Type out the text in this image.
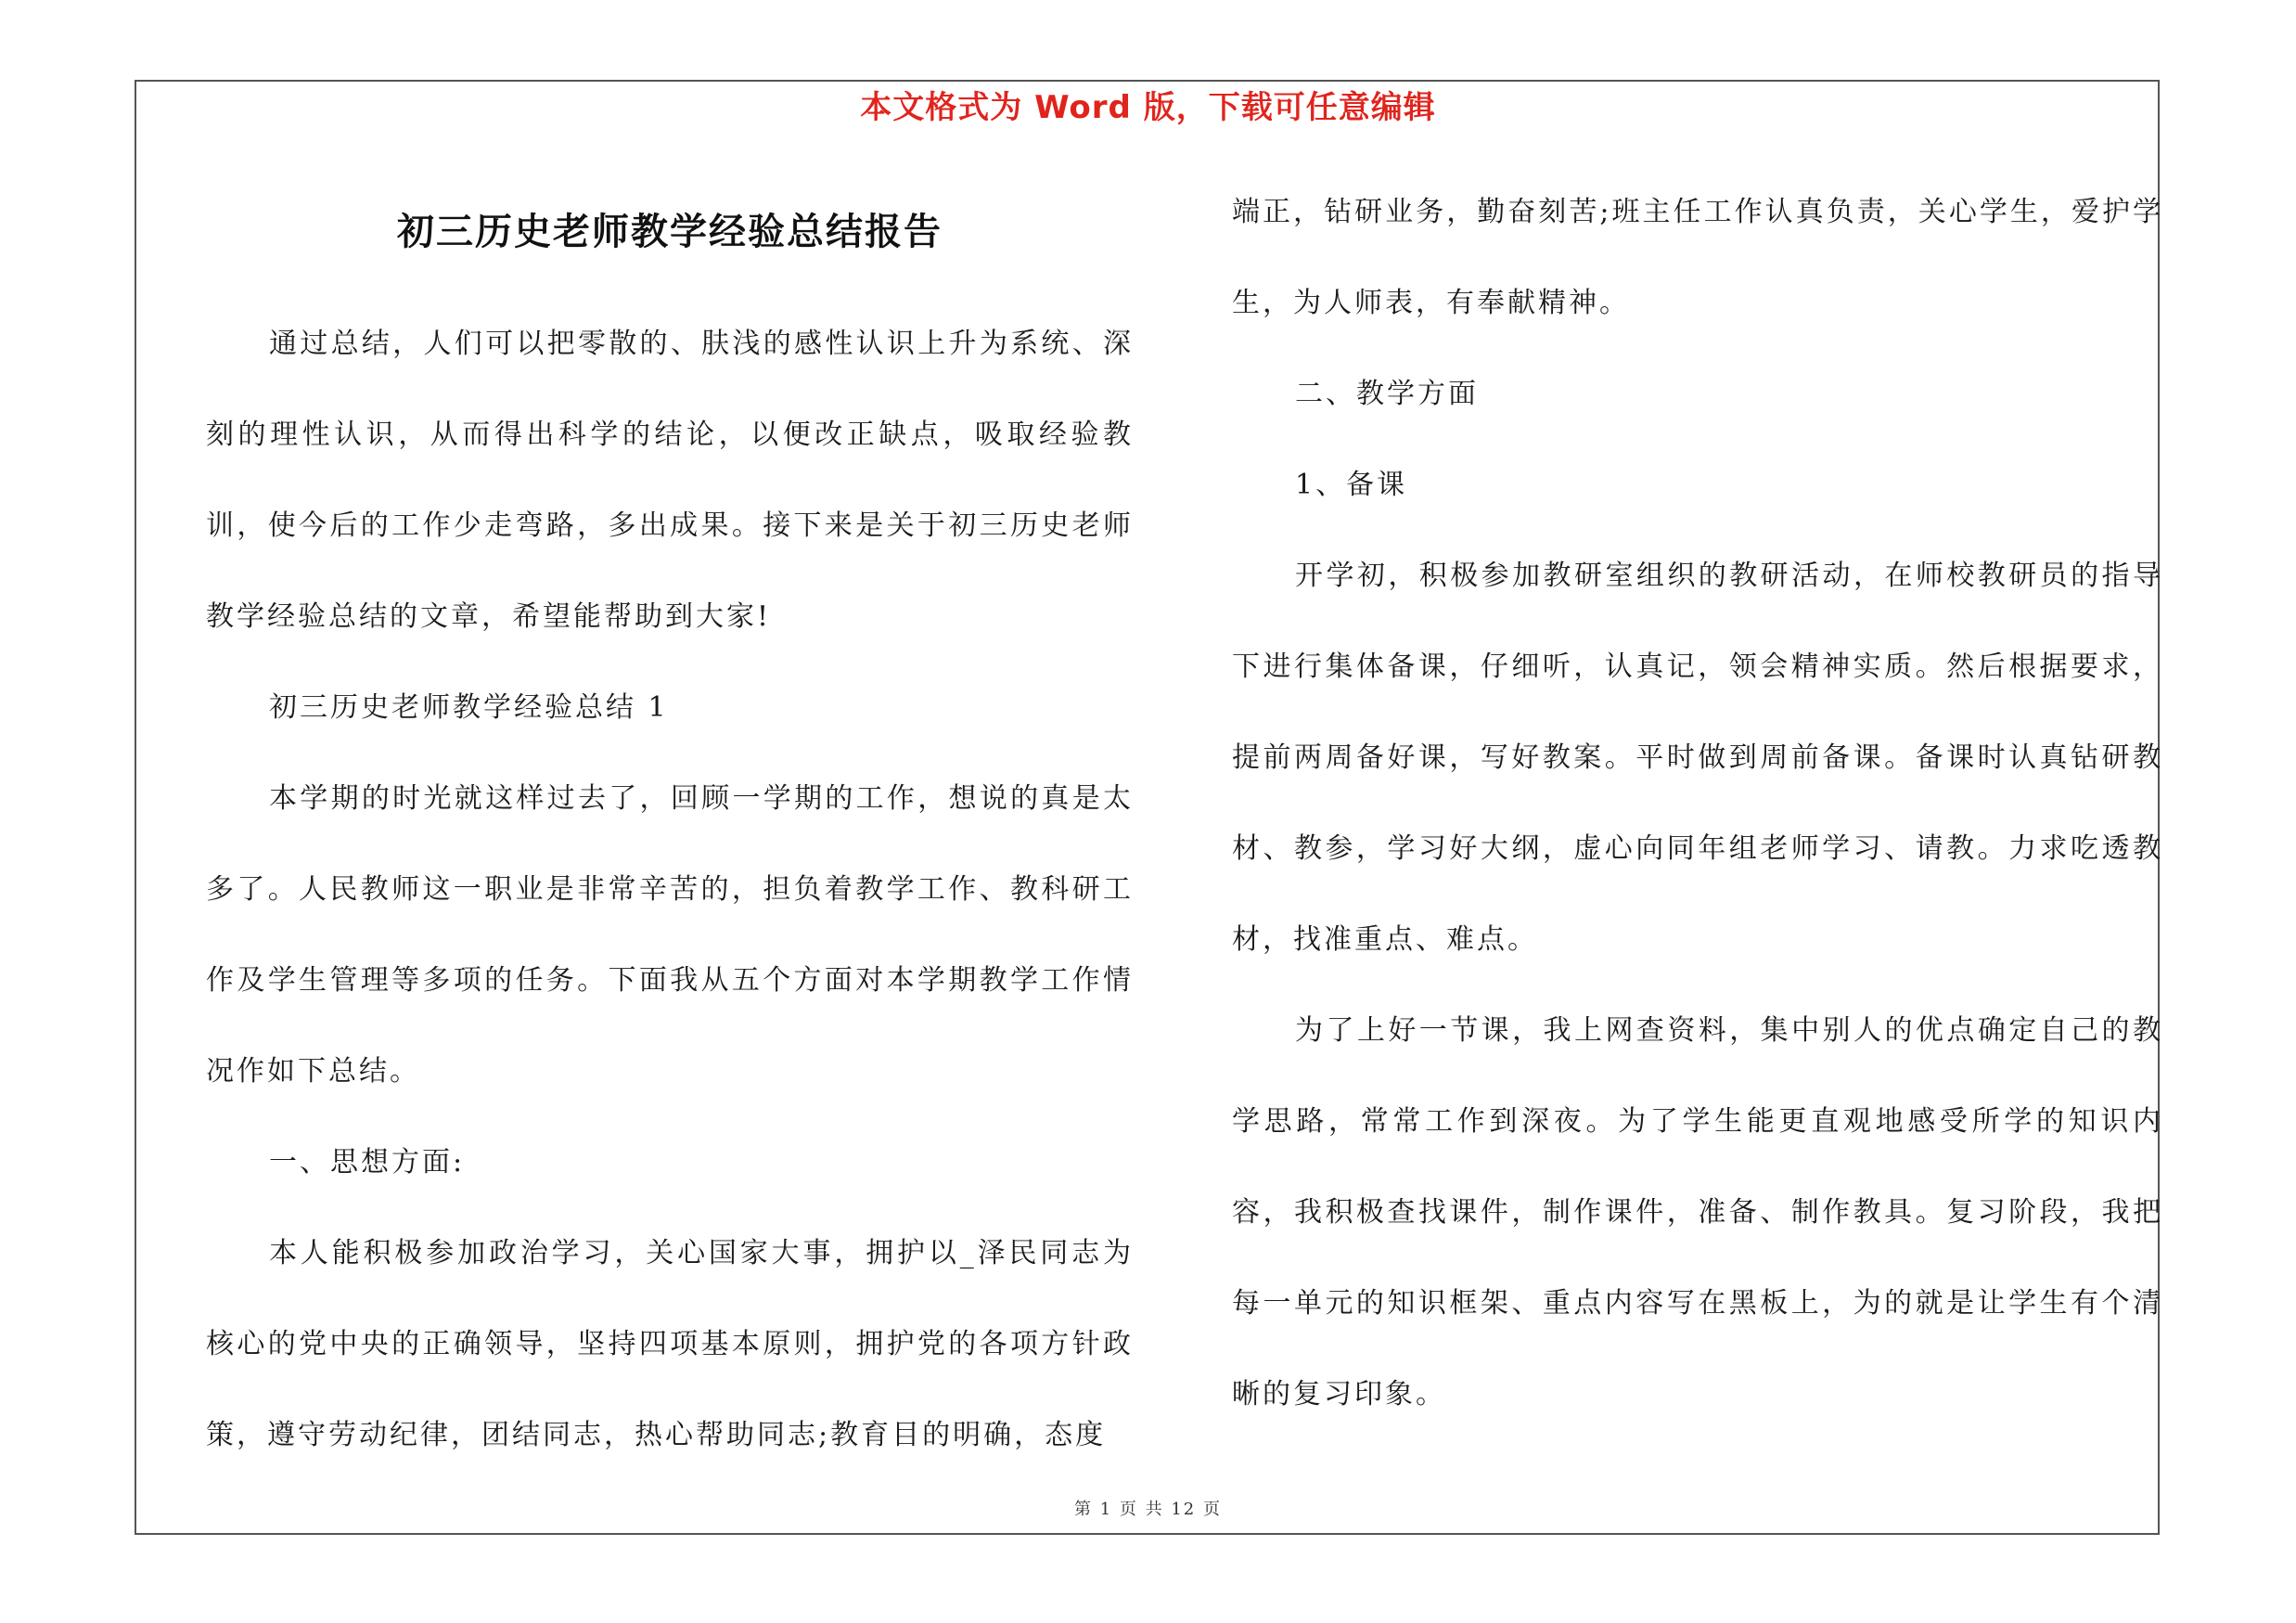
本文格式为 Word 版，下载可任意编辑
初三历史老师教学经验总结报告

通过总结，人们可以把零散的、肤浅的感性认识上升为系统、深刻的理性认识，从而得出科学的结论，以便改正缺点，吸取经验教训，使今后的工作少走弯路，多出成果。接下来是关于初三历史老师教学经验总结的文章，希望能帮助到大家!

初三历史老师教学经验总结 1

本学期的时光就这样过去了，回顾一学期的工作，想说的真是太多了。人民教师这一职业是非常辛苦的，担负着教学工作、教科研工作及学生管理等多项的任务。下面我从五个方面对本学期教学工作情况作如下总结。

一、思想方面:

本人能积极参加政治学习，关心国家大事，拥护以_泽民同志为核心的党中央的正确领导，坚持四项基本原则，拥护党的各项方针政策，遵守劳动纪律，团结同志，热心帮助同志;教育目的明确，态度

端正，钻研业务，勤奋刻苦;班主任工作认真负责，关心学生，爱护学生，为人师表，有奉献精神。

二、教学方面

1、备课

开学初，积极参加教研室组织的教研活动，在师校教研员的指导下进行集体备课，仔细听，认真记，领会精神实质。然后根据要求，提前两周备好课，写好教案。平时做到周前备课。备课时认真钻研教材、教参，学习好大纲，虚心向同年组老师学习、请教。力求吃透教材，找准重点、难点。

为了上好一节课，我上网查资料，集中别人的优点确定自己的教学思路，常常工作到深夜。为了学生能更直观地感受所学的知识内容，我积极查找课件，制作课件，准备、制作教具。复习阶段，我把每一单元的知识框架、重点内容写在黑板上，为的就是让学生有个清晰的复习印象。

第 1 页 共 12 页
